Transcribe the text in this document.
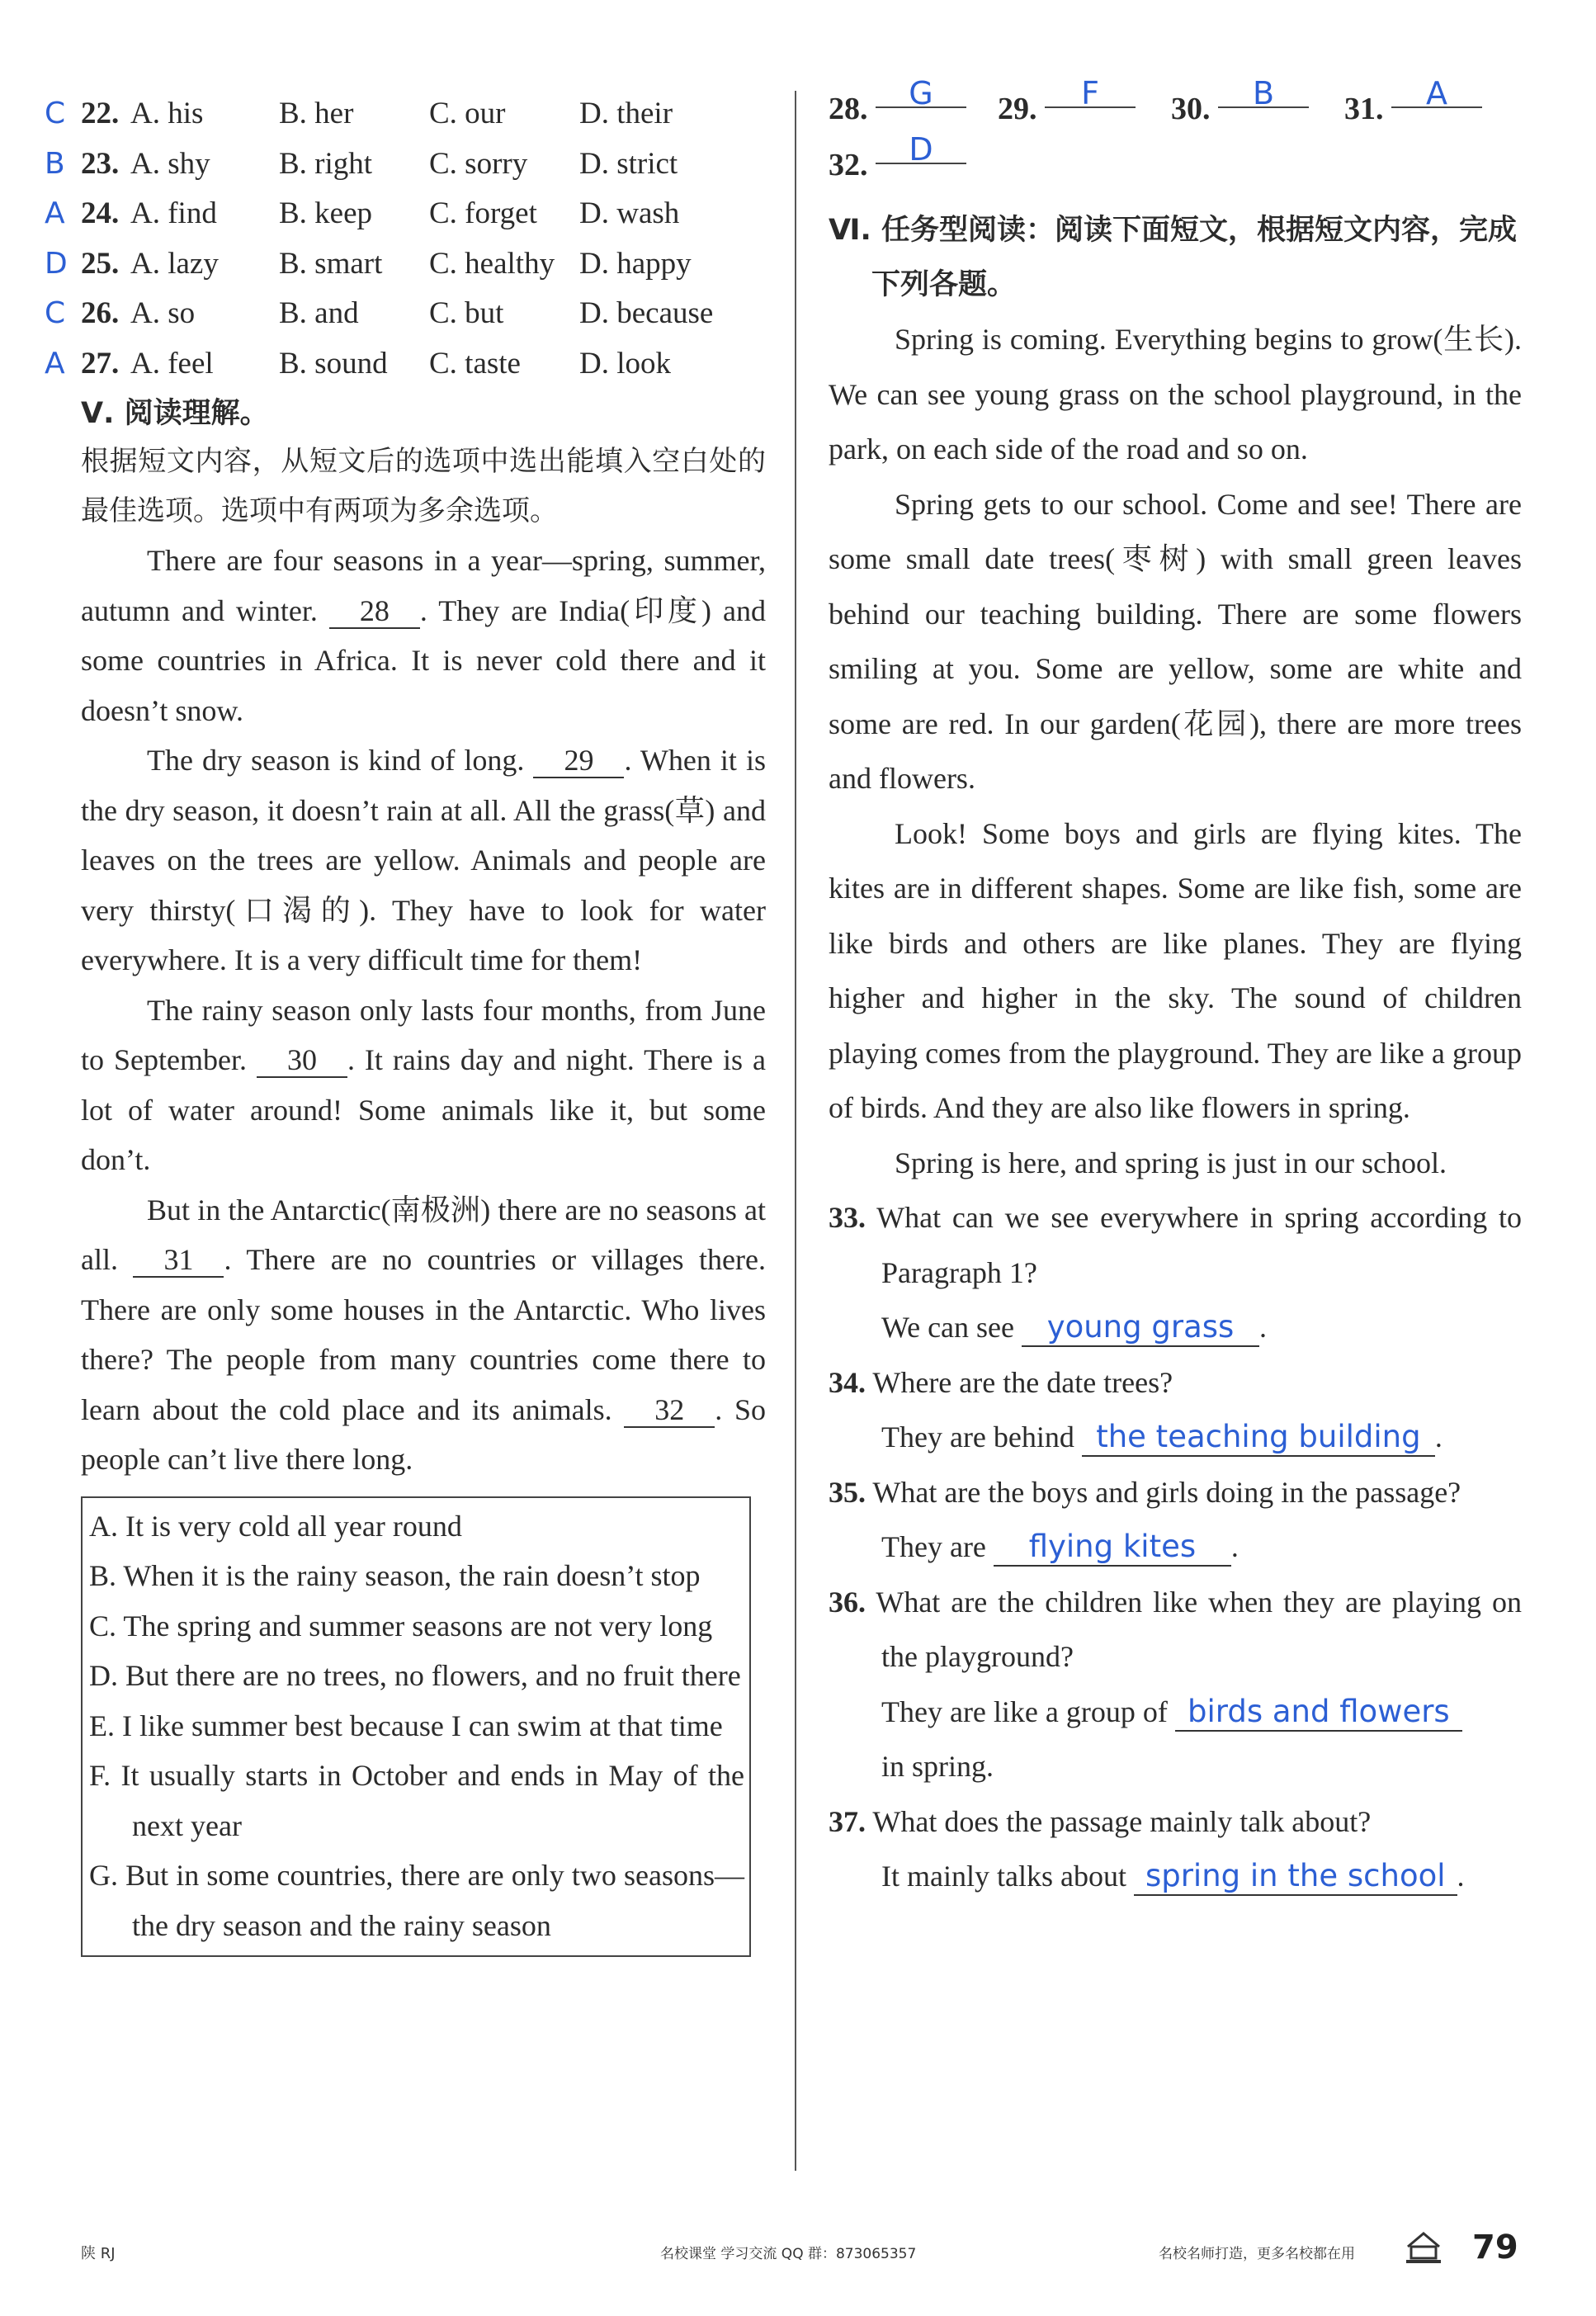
C 22. A. his B. her C. our D. their
B 23. A. shy B. right C. sorry D. strict
A 24. A. find B. keep C. forget D. wash
D 25. A. lazy B. smart C. healthy D. happy
C 26. A. so	B. and C. but D. because
A 27. A. feel B. sound C. taste D. look
Ⅴ. 阅读理解。
根据短文内容，从短文后的选项中选出能填入空白处的最佳选项。选项中有两项为多余选项。

There are four seasons in a year—spring, summer, autumn and winter. 28 . They are India(印度) and some countries in Africa. It is never cold there and it doesn’t snow.

The dry season is kind of long. 29 . When it is the dry season, it doesn’t rain at all. All the grass(草) and leaves on the trees are yellow. Animals and people are very thirsty(口渴的). They have to look for water everywhere. It is a very difficult time for them!

The rainy season only lasts four months, from June to September. 30 . It rains day and night. There is a lot of water around! Some animals like it, but some don’t.

But in the Antarctic(南极洲) there are no seasons at all. 31 . There are no countries or villages there. There are only some houses in the Antarctic. Who lives there? The people from many countries come there to learn about the cold place and its animals. 32 . So people can’t live there long.

A. It is very cold all year round
B. When it is the rainy season, the rain doesn’t stop
C. The spring and summer seasons are not very long
D. But there are no trees, no flowers, and no fruit there
E. I like summer best because I can swim at that time
F. It usually starts in October and ends in May of the next year
G. But in some countries, there are only two seasons—the dry season and the rainy season
28. G	29. F	30. B	31. A
32. D
Ⅵ. 任务型阅读：阅读下面短文，根据短文内容，完成下列各题。

Spring is coming. Everything begins to grow(生长). We can see young grass on the school playground, in the park, on each side of the road and so on.

Spring gets to our school. Come and see! There are some small date trees(枣树) with small green leaves behind our teaching building. There are some flowers smiling at you. Some are yellow, some are white and some are red. In our garden(花园), there are more trees and flowers.

Look! Some boys and girls are flying kites. The kites are in different shapes. Some are like fish, some are like birds and others are like planes. They are flying higher and higher in the sky. The sound of children playing comes from the playground. They are like a group of birds. And they are also like flowers in spring.

Spring is here, and spring is just in our school.

33. What can we see everywhere in spring according to Paragraph 1?
We can see young grass .
34. Where are the date trees?
They are behind the teaching building .
35. What are the boys and girls doing in the passage?
They are flying kites .
36. What are the children like when they are playing on the playground?
They are like a group of birds and flowers
in spring.
37. What does the passage mainly talk about?
It mainly talks about spring in the school .
陕 RJ	名校课堂 学习交流 QQ 群：873065357	名校名师打造，更多名校都在用	79
